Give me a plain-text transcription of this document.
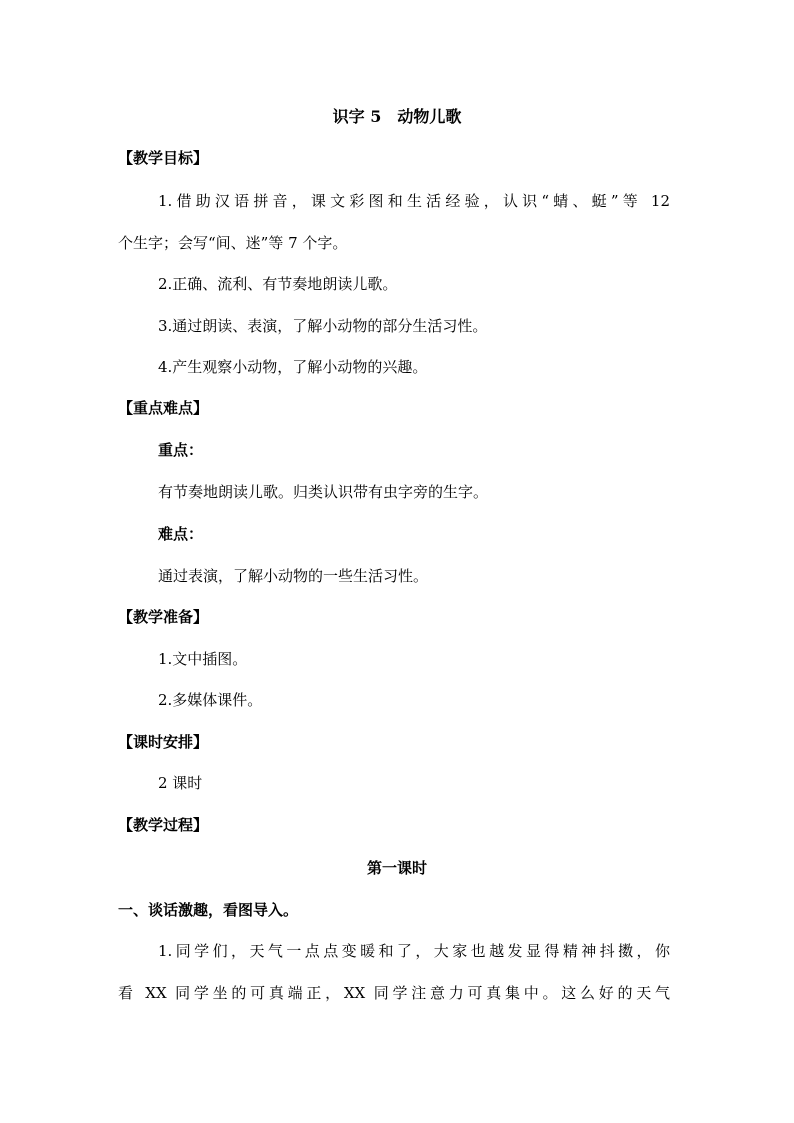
识字 5　动物儿歌
【教学目标】
1.借助汉语拼音，课文彩图和生活经验，认识“蜻、蜓”等 12
个生字；会写“间、迷”等 7 个字。
2.正确、流利、有节奏地朗读儿歌。
3.通过朗读、表演，了解小动物的部分生活习性。
4.产生观察小动物，了解小动物的兴趣。
【重点难点】
重点：
有节奏地朗读儿歌。归类认识带有虫字旁的生字。
难点：
通过表演，了解小动物的一些生活习性。
【教学准备】
1.文中插图。
2.多媒体课件。
【课时安排】
2 课时
【教学过程】
第一课时
一、谈话激趣，看图导入。
1.同学们，天气一点点变暖和了，大家也越发显得精神抖擞，你
看 XX 同学坐的可真端正，XX 同学注意力可真集中。这么好的天气
